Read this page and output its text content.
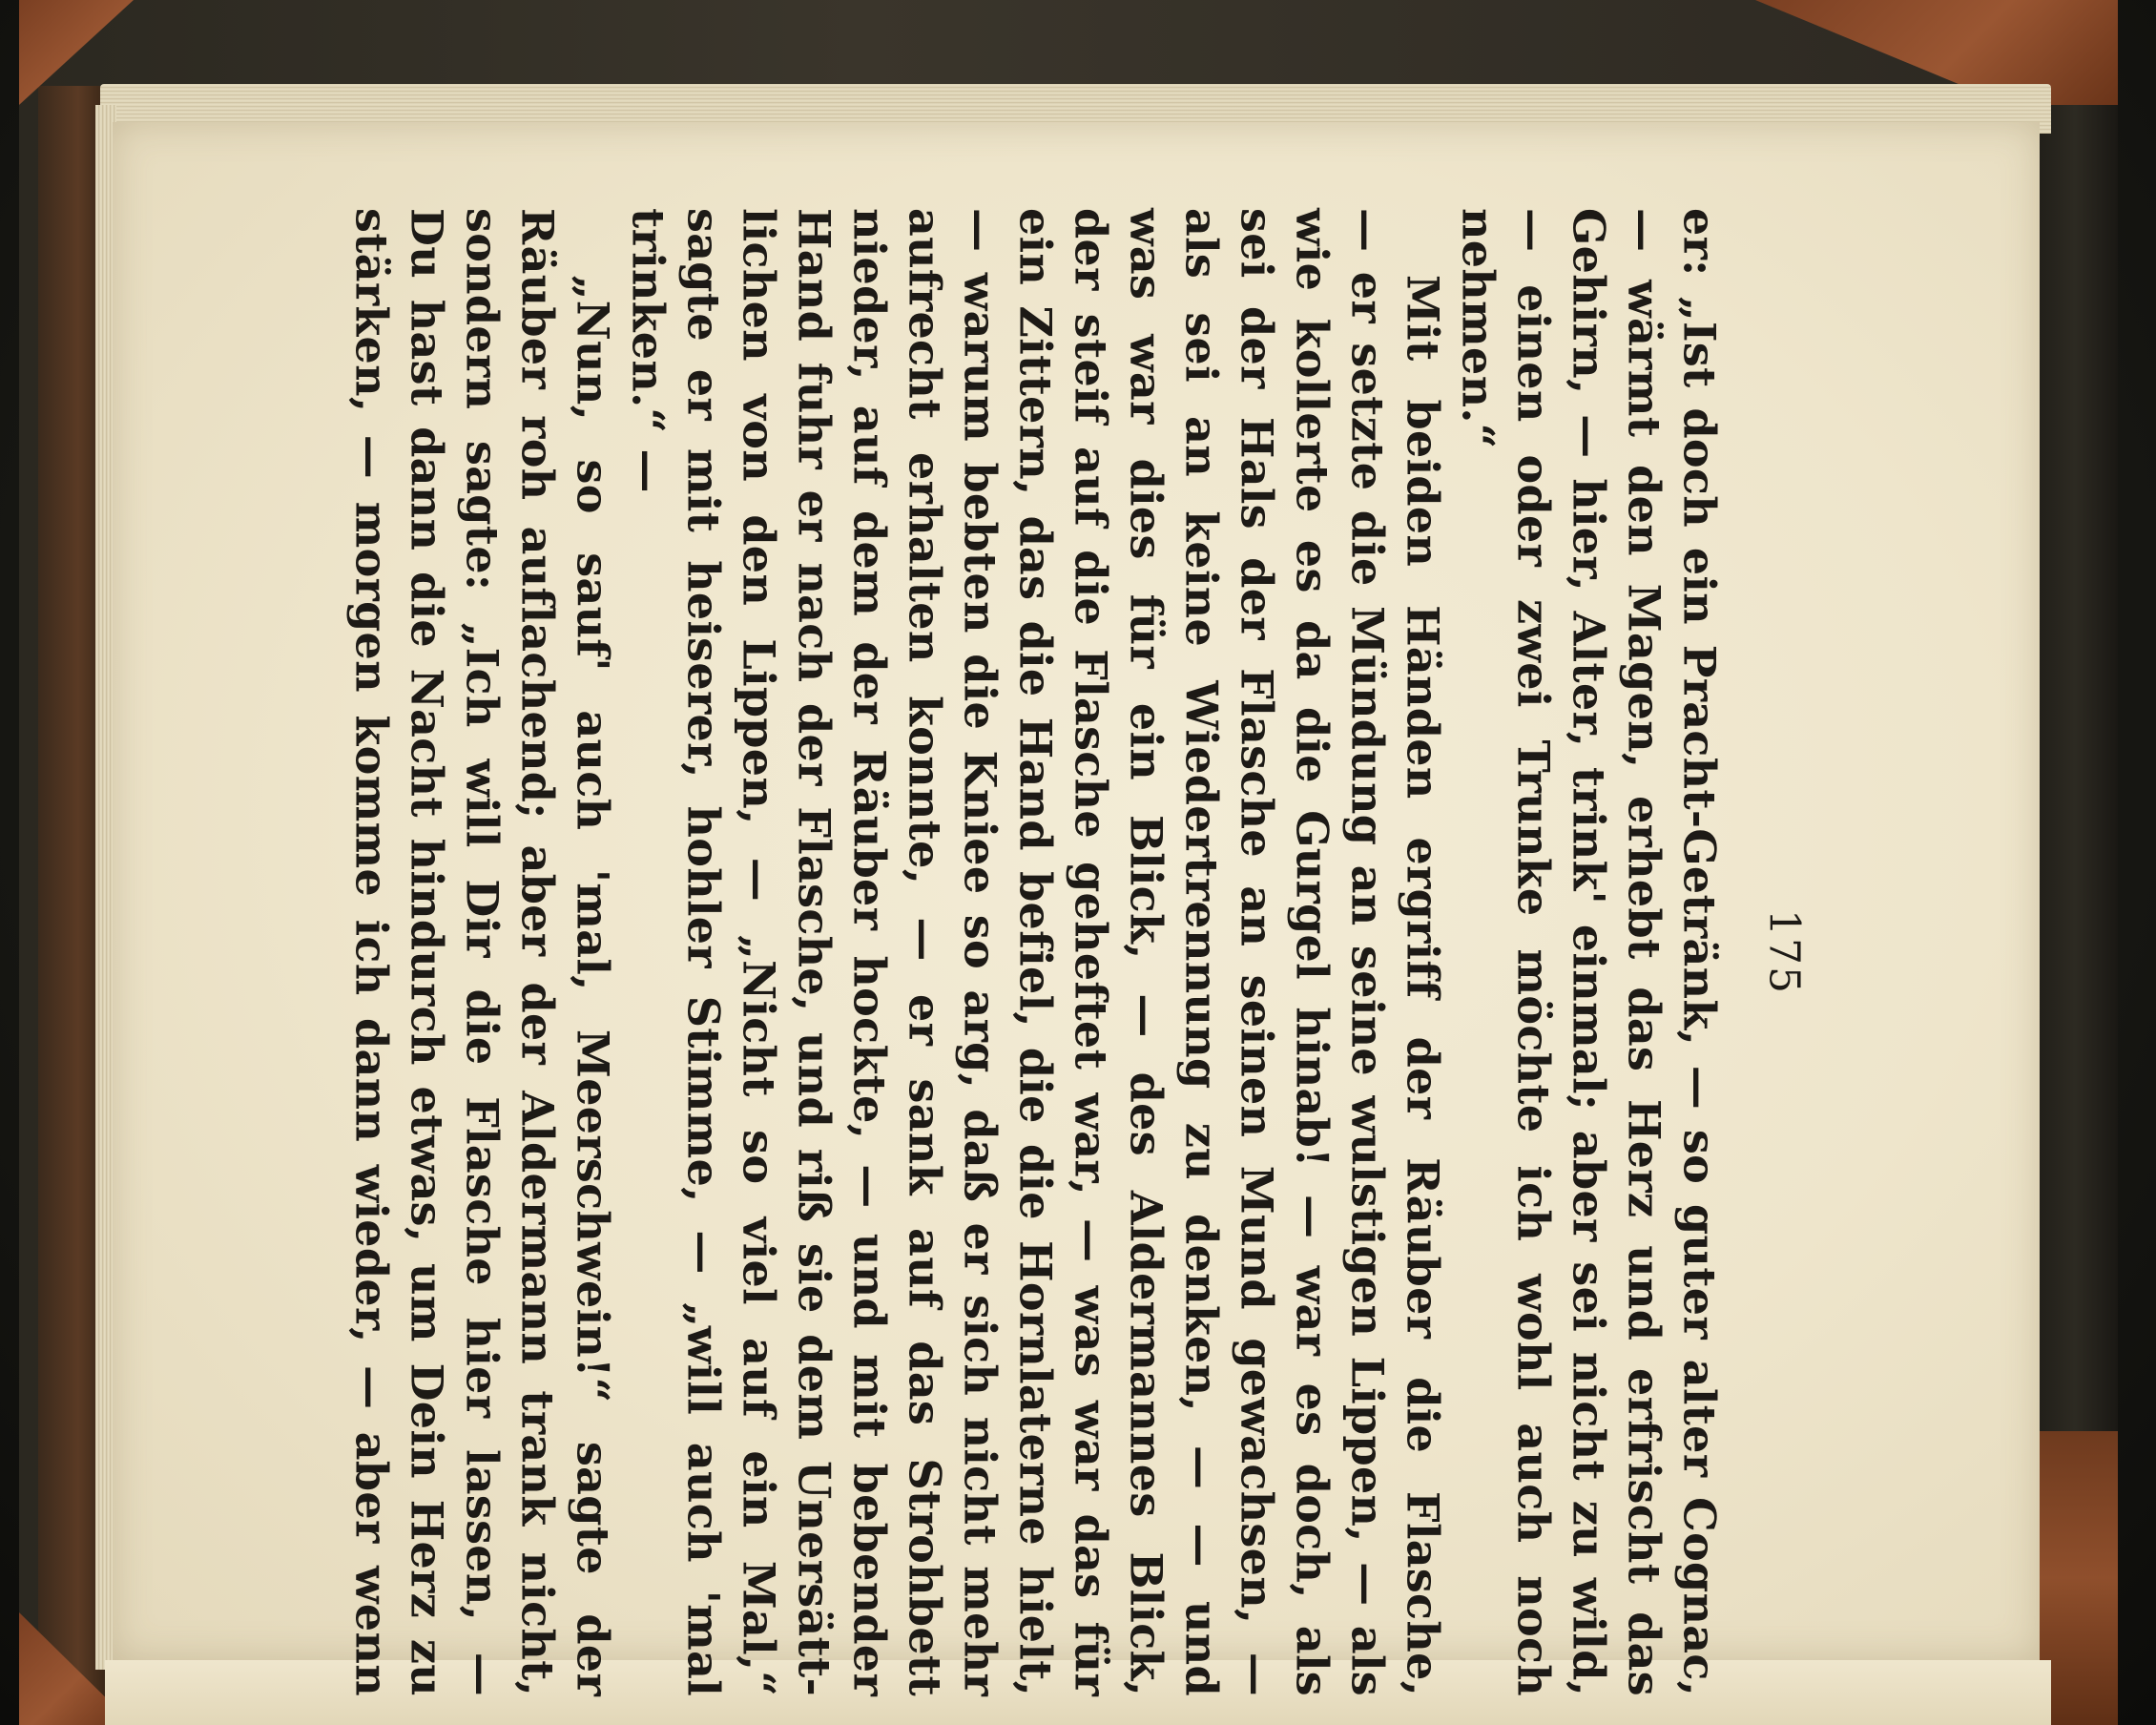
175
er: „Ist doch ein Pracht-Getränk, — so guter alter Cognac,
— wärmt den Magen, erhebt das Herz und erfrischt das
Gehirn, — hier, Alter, trink' einmal; aber sei nicht zu wild,
— einen oder zwei Trunke möchte ich wohl auch noch
nehmen.“
Mit beiden Händen ergriff der Räuber die Flasche,
— er setzte die Mündung an seine wulstigen Lippen, — als
wie kollerte es da die Gurgel hinab! — war es doch, als
sei der Hals der Flasche an seinen Mund gewachsen, —
als sei an keine Wiedertrennung zu denken, — — und
was war dies für ein Blick, — des Aldermannes Blick,
der steif auf die Flasche geheftet war, — was war das für
ein Zittern, das die Hand befiel, die die Hornlaterne hielt,
— warum bebten die Kniee so arg, daß er sich nicht mehr
aufrecht erhalten konnte, — er sank auf das Strohbett
nieder, auf dem der Räuber hockte, — und mit bebender
Hand fuhr er nach der Flasche, und riß sie dem Unersätt-
lichen von den Lippen, — „Nicht so viel auf ein Mal,“
sagte er mit heiserer, hohler Stimme, — „will auch 'mal
trinken.“ —
„Nun, so sauf' auch 'mal, Meerschwein!“ sagte der
Räuber roh auflachend; aber der Aldermann trank nicht,
sondern sagte: „Ich will Dir die Flasche hier lassen, —
Du hast dann die Nacht hindurch etwas, um Dein Herz zu
stärken, — morgen komme ich dann wieder, — aber wenn
